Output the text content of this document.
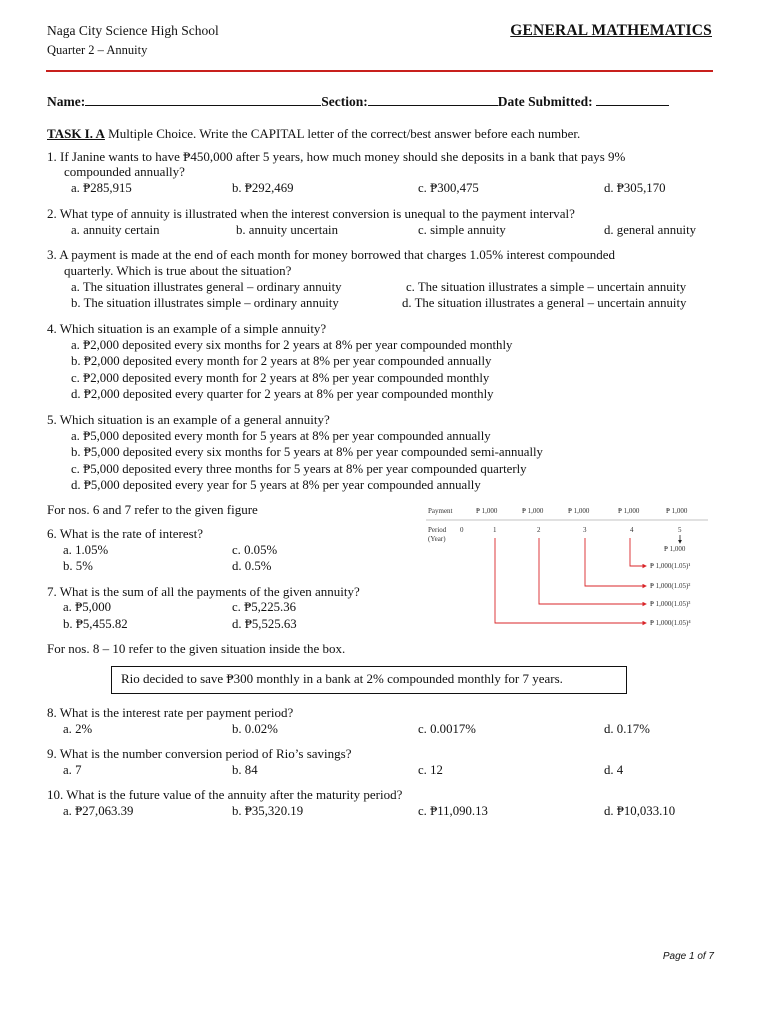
Naga City Science High School
Quarter 2 – Annuity
GENERAL MATHEMATICS
Name:	Section:	Date Submitted:
TASK I. A Multiple Choice. Write the CAPITAL letter of the correct/best answer before each number.
1. If Janine wants to have ₱450,000 after 5 years, how much money should she deposits in a bank that pays 9%
compounded annually?
a. ₱285,915	b. ₱292,469	c. ₱300,475	d. ₱305,170
2. What type of annuity is illustrated when the interest conversion is unequal to the payment interval?
a. annuity certain	b. annuity uncertain	c. simple annuity	d. general annuity
3. A payment is made at the end of each month for money borrowed that charges 1.05% interest compounded
quarterly. Which is true about the situation?
a. The situation illustrates general – ordinary annuity	c. The situation illustrates a simple – uncertain annuity
b. The situation illustrates simple – ordinary annuity	d. The situation illustrates a general – uncertain annuity
4. Which situation is an example of a simple annuity?
a. ₱2,000 deposited every six months for 2 years at 8% per year compounded monthly
b. ₱2,000 deposited every month for 2 years at 8% per year compounded annually
c. ₱2,000 deposited every month for 2 years at 8% per year compounded monthly
d. ₱2,000 deposited every quarter for 2 years at 8% per year compounded monthly
5. Which situation is an example of a general annuity?
a. ₱5,000 deposited every month for 5 years at 8% per year compounded annually
b. ₱5,000 deposited every six months for 5 years at 8% per year compounded semi-annually
c. ₱5,000 deposited every three months for 5 years at 8% per year compounded quarterly
d. ₱5,000 deposited every year for 5 years at 8% per year compounded annually
For nos. 6 and 7 refer to the given figure
6. What is the rate of interest?
a. 1.05%	c. 0.05%
b. 5%	d. 0.5%
7. What is the sum of all the payments of the given annuity?
a. ₱5,000	c. ₱5,225.36
b. ₱5,455.82	d. ₱5,525.63
For nos. 8 – 10 refer to the given situation inside the box.
Rio decided to save ₱300 monthly in a bank at 2% compounded monthly for 7 years.
8. What is the interest rate per payment period?
a. 2%	b. 0.02%	c. 0.0017%	d. 0.17%
9. What is the number conversion period of Rio’s savings?
a. 7	b. 84	c. 12	d. 4
10. What is the future value of the annuity after the maturity period?
a. ₱27,063.39	b. ₱35,320.19	c. ₱11,090.13	d. ₱10,033.10
Payment	₱ 1,000	₱ 1,000	₱ 1,000	₱ 1,000	₱ 1,000
Period
(Year)
0	1	2	3	4	5
₱ 1,000
₱ 1,000(1.05)¹
₱ 1,000(1.05)²
₱ 1,000(1.05)³
₱ 1,000(1.05)⁴
Page 1 of 7
